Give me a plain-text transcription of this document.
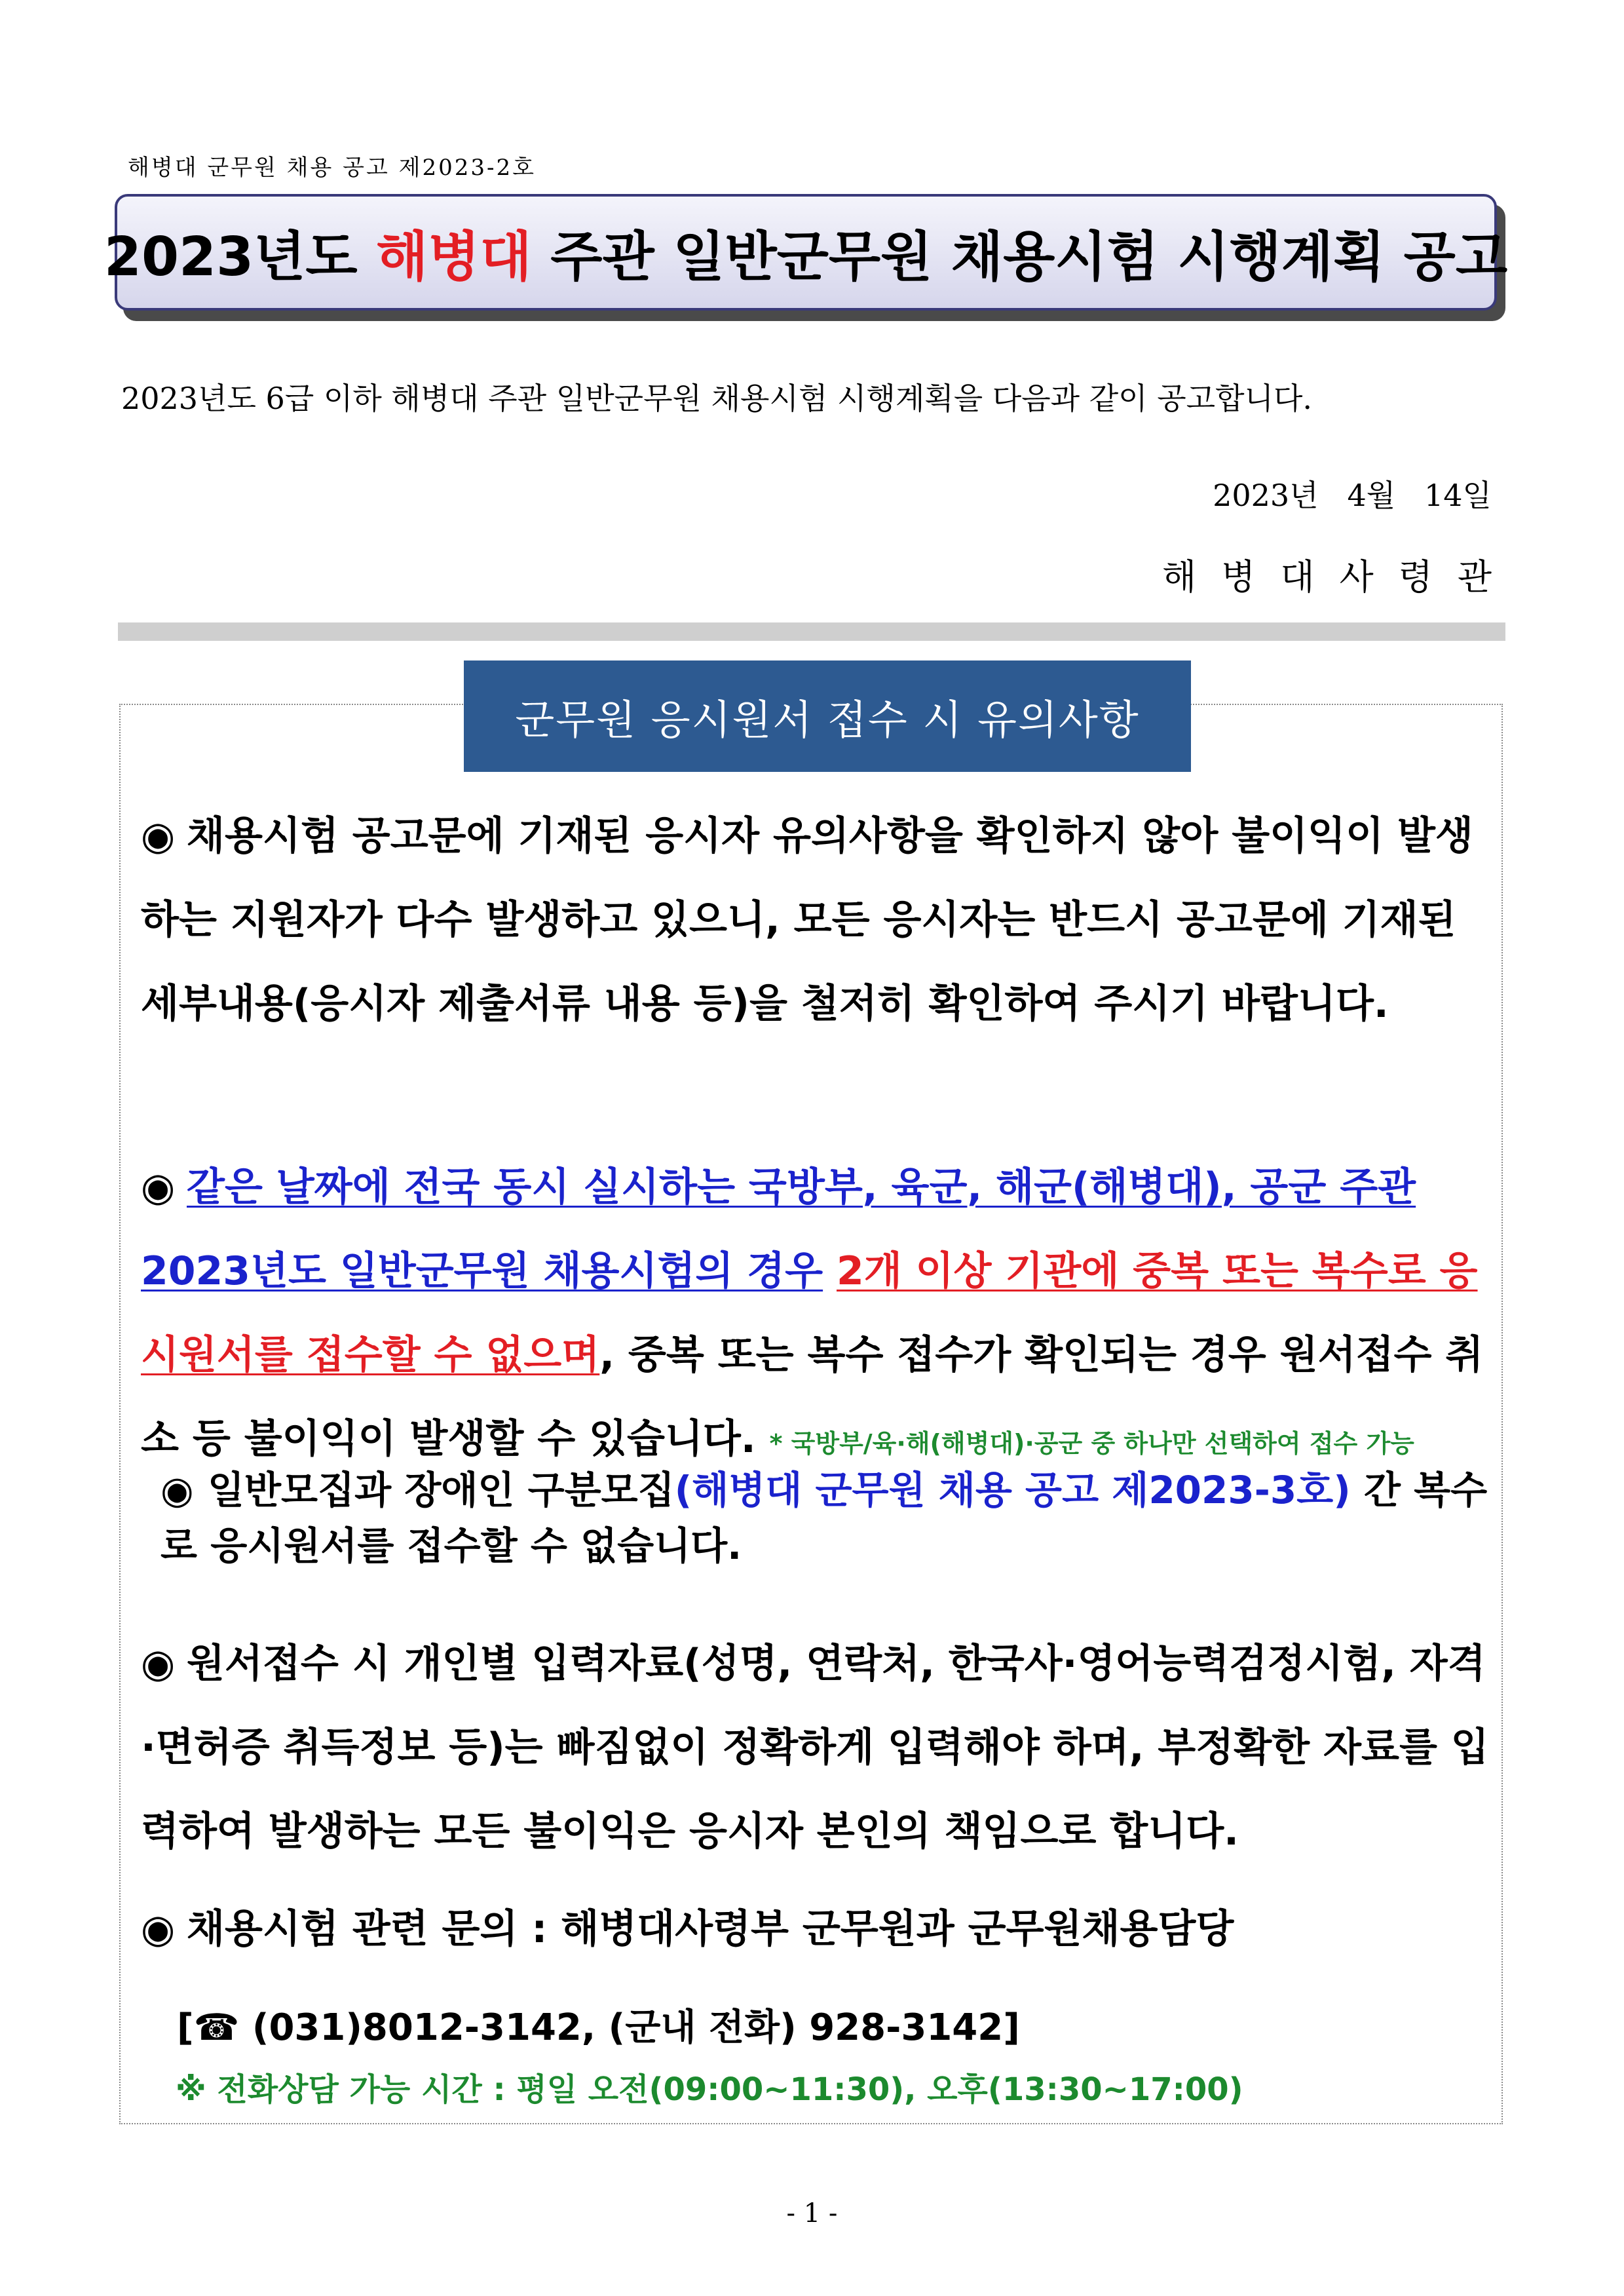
해병대 군무원 채용 공고 제2023-2호
2023년도 해병대 주관 일반군무원 채용시험 시행계획 공고
2023년도 6급 이하 해병대 주관 일반군무원 채용시험 시행계획을 다음과 같이 공고합니다.
2023년   4월   14일
해병대사령관
군무원 응시원서 접수 시 유의사항

◉ 채용시험 공고문에 기재된 응시자 유의사항을 확인하지 않아 불이익이 발생하는 지원자가 다수 발생하고 있으니, 모든 응시자는 반드시 공고문에 기재된 세부내용(응시자 제출서류 내용 등)을 철저히 확인하여 주시기 바랍니다.

◉ 같은 날짜에 전국 동시 실시하는 국방부, 육군, 해군(해병대), 공군 주관 2023년도 일반군무원 채용시험의 경우 2개 이상 기관에 중복 또는 복수로 응시원서를 접수할 수 없으며, 중복 또는 복수 접수가 확인되는 경우 원서접수 취소 등 불이익이 발생할 수 있습니다. * 국방부/육·해(해병대)·공군 중 하나만 선택하여 접수 가능

◉ 일반모집과 장애인 구분모집(해병대 군무원 채용 공고 제2023-3호) 간 복수로 응시원서를 접수할 수 없습니다.

◉ 원서접수 시 개인별 입력자료(성명, 연락처, 한국사·영어능력검정시험, 자격·면허증 취득정보 등)는 빠짐없이 정확하게 입력해야 하며, 부정확한 자료를 입력하여 발생하는 모든 불이익은 응시자 본인의 책임으로 합니다.

◉ 채용시험 관련 문의 : 해병대사령부 군무원과 군무원채용담당

[☎ (031)8012-3142, (군내 전화) 928-3142]
※ 전화상담 가능 시간 : 평일 오전(09:00~11:30), 오후(13:30~17:00)
- 1 -
